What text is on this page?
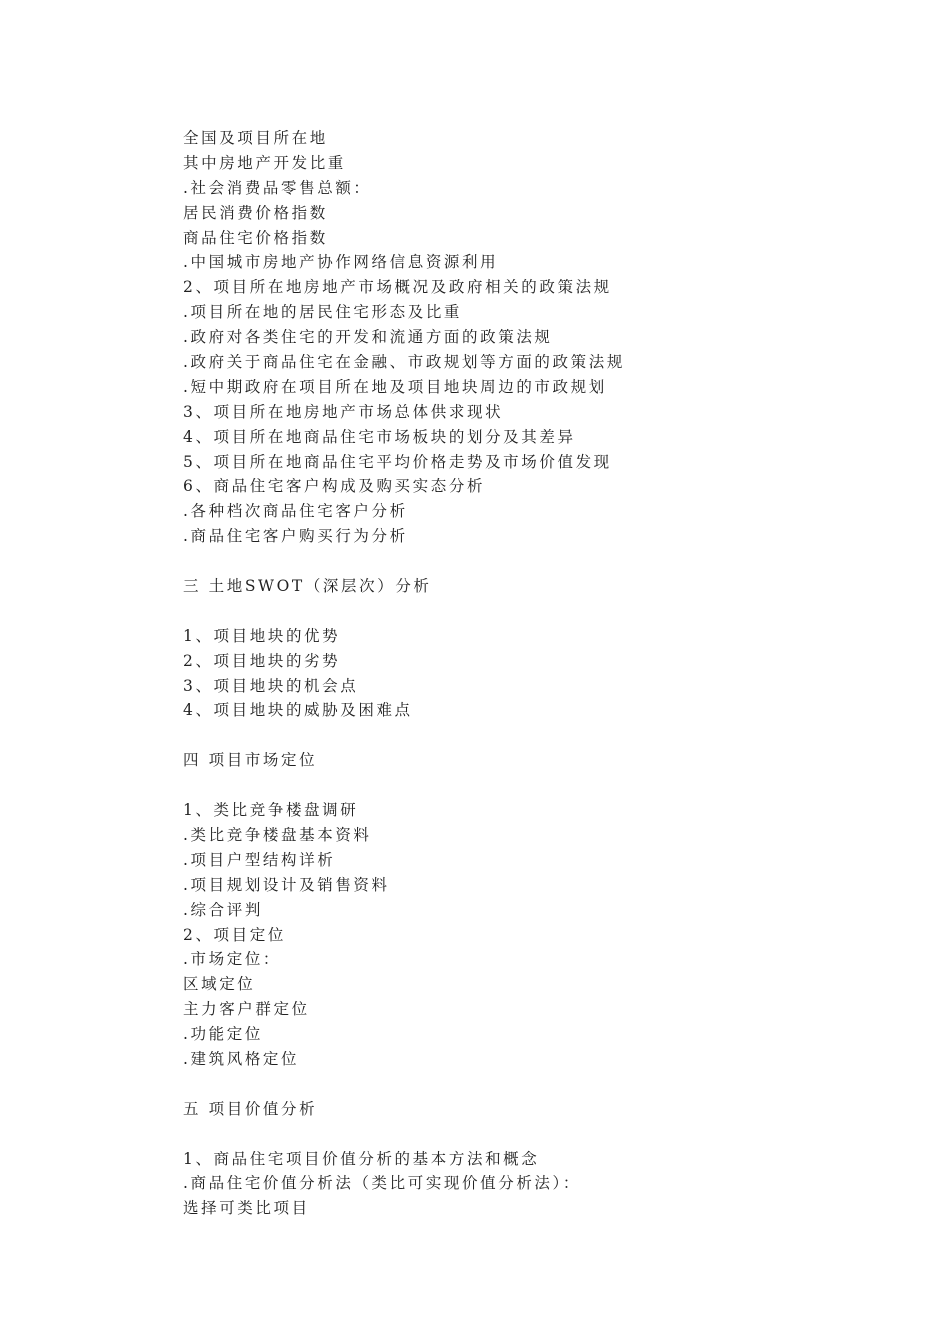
全国及项目所在地
其中房地产开发比重
.社会消费品零售总额：
居民消费价格指数
商品住宅价格指数
.中国城市房地产协作网络信息资源利用
2、项目所在地房地产市场概况及政府相关的政策法规
.项目所在地的居民住宅形态及比重
.政府对各类住宅的开发和流通方面的政策法规
.政府关于商品住宅在金融、市政规划等方面的政策法规
.短中期政府在项目所在地及项目地块周边的市政规划
3、项目所在地房地产市场总体供求现状
4、项目所在地商品住宅市场板块的划分及其差异
5、项目所在地商品住宅平均价格走势及市场价值发现
6、商品住宅客户构成及购买实态分析
.各种档次商品住宅客户分析
.商品住宅客户购买行为分析
三 土地SWOT（深层次）分析
1、项目地块的优势
2、项目地块的劣势
3、项目地块的机会点
4、项目地块的威胁及困难点
四 项目市场定位
1、类比竞争楼盘调研
.类比竞争楼盘基本资料
.项目户型结构详析
.项目规划设计及销售资料
.综合评判
2、项目定位
.市场定位：
区域定位
主力客户群定位
.功能定位
.建筑风格定位
五 项目价值分析
1、商品住宅项目价值分析的基本方法和概念
.商品住宅价值分析法（类比可实现价值分析法）：
选择可类比项目
